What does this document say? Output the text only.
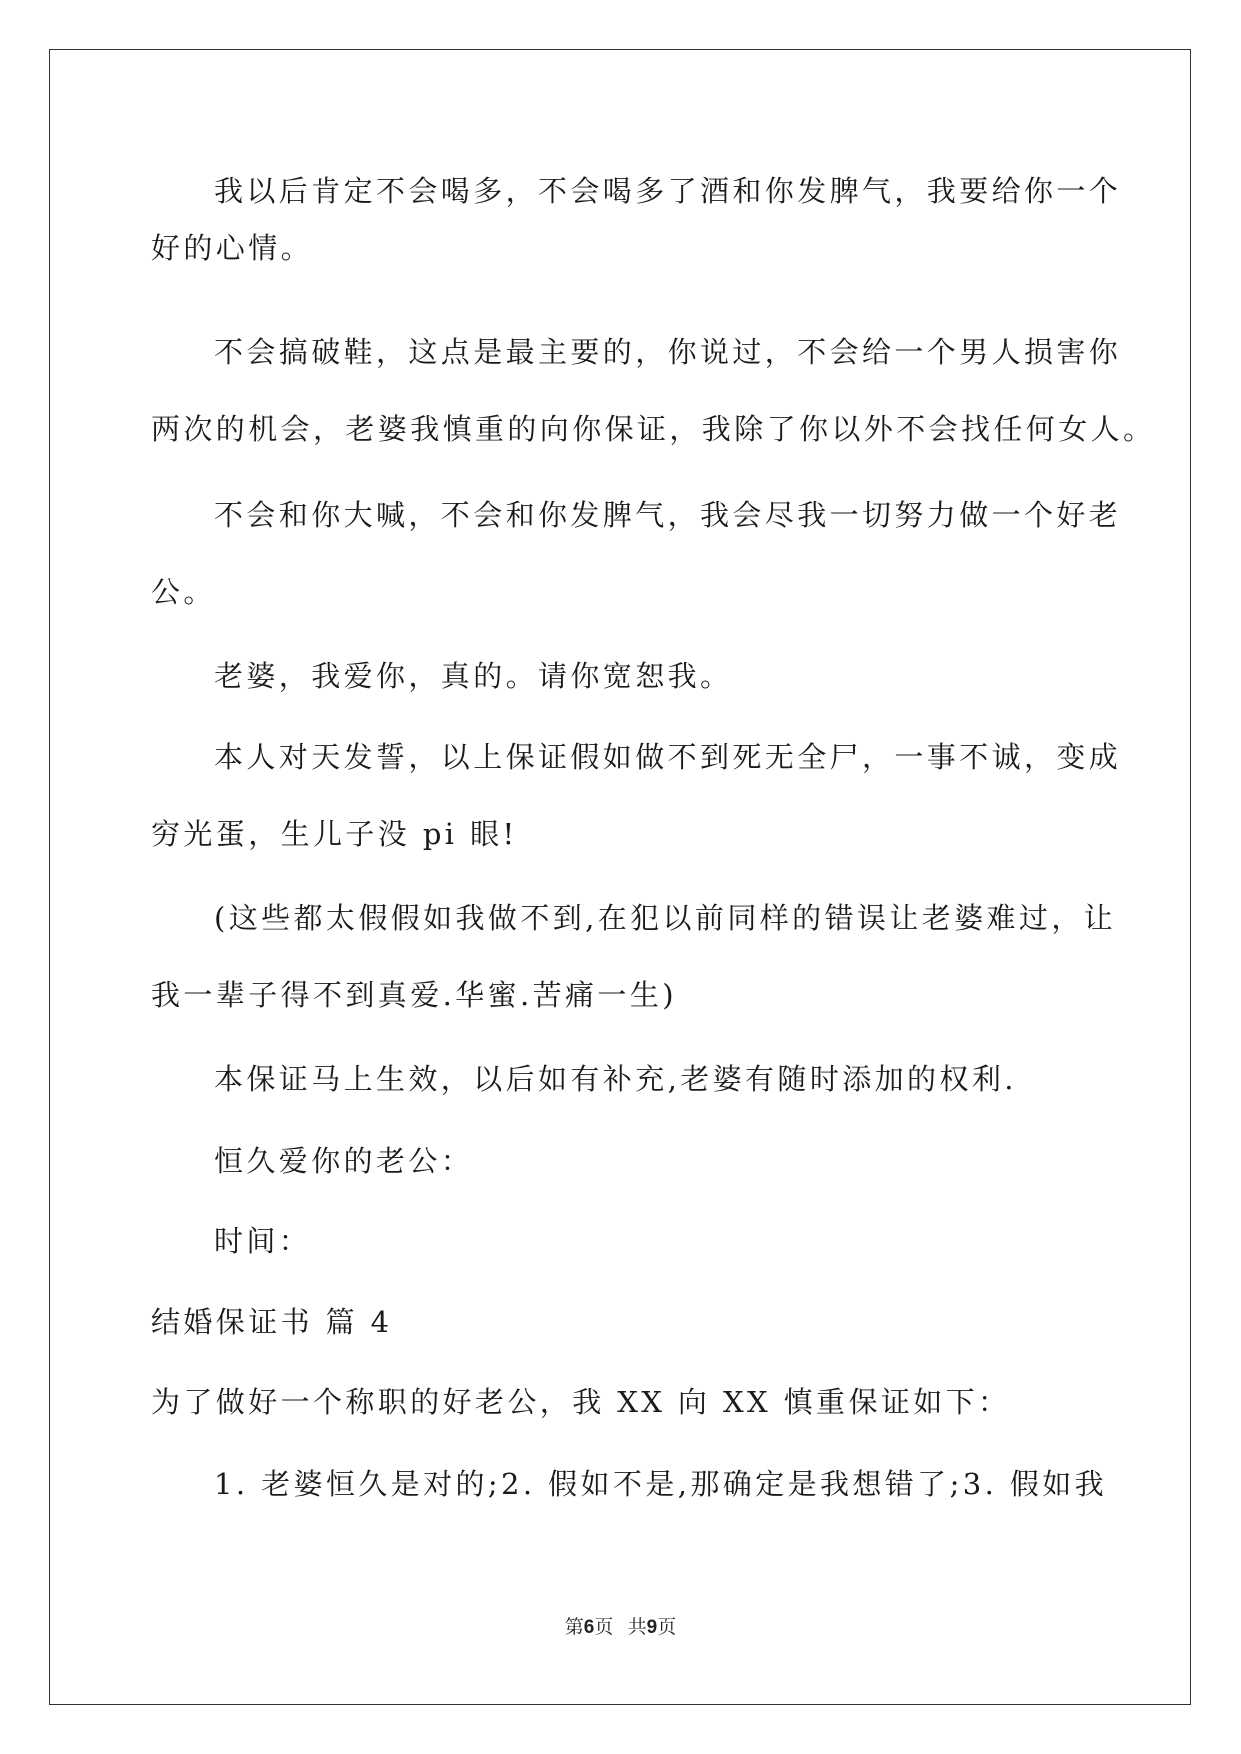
我以后肯定不会喝多，不会喝多了酒和你发脾气，我要给你一个
好的心情。
不会搞破鞋，这点是最主要的，你说过，不会给一个男人损害你
两次的机会，老婆我慎重的向你保证，我除了你以外不会找任何女人。
不会和你大喊，不会和你发脾气，我会尽我一切努力做一个好老
公。
老婆，我爱你，真的。请你宽恕我。
本人对天发誓，以上保证假如做不到死无全尸，一事不诚，变成
穷光蛋，生儿子没 pi 眼!
(这些都太假假如我做不到,在犯以前同样的错误让老婆难过，让
我一辈子得不到真爱.华蜜.苦痛一生)
本保证马上生效，以后如有补充,老婆有随时添加的权利.
恒久爱你的老公：
时间：
结婚保证书 篇 4
为了做好一个称职的好老公，我 XX 向 XX 慎重保证如下：
1. 老婆恒久是对的;2. 假如不是,那确定是我想错了;3. 假如我
第6页   共9页
